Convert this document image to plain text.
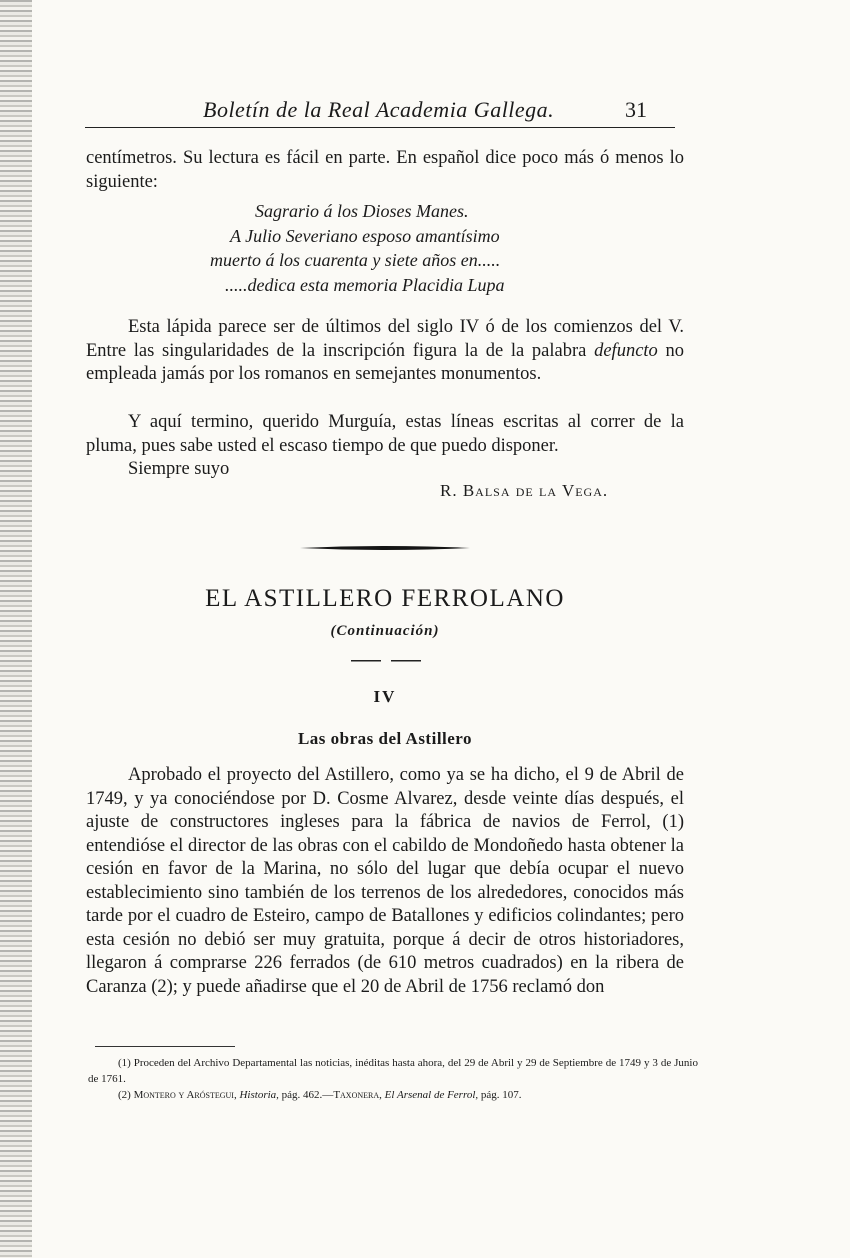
Boletín de la Real Academia Gallega.	31

centímetros. Su lectura es fácil en parte. En español dice poco más ó menos lo siguiente:

Sagrario á los Dioses Manes.
A Julio Severiano esposo amantísimo
muerto á los cuarenta y siete años en.....
.....dedica esta memoria Placidia Lupa

Esta lápida parece ser de últimos del siglo IV ó de los comienzos del V. Entre las singularidades de la inscripción figura la de la palabra defuncto no empleada jamás por los romanos en semejantes monumentos.

Y aquí termino, querido Murguía, estas líneas escritas al correr de la pluma, pues sabe usted el escaso tiempo de que puedo disponer.

Siempre suyo

R. Balsa de la Vega.
EL ASTILLERO FERROLANO
(Continuación)
IV
Las obras del Astillero

Aprobado el proyecto del Astillero, como ya se ha dicho, el 9 de Abril de 1749, y ya conociéndose por D. Cosme Alvarez, desde veinte días después, el ajuste de constructores ingleses para la fábrica de navios de Ferrol, (1) entendióse el director de las obras con el cabildo de Mondoñedo hasta obtener la cesión en favor de la Marina, no sólo del lugar que debía ocupar el nuevo establecimiento sino también de los terrenos de los alrededores, conocidos más tarde por el cuadro de Esteiro, campo de Batallones y edificios colindantes; pero esta cesión no debió ser muy gratuita, porque á decir de otros historiadores, llegaron á comprarse 226 ferrados (de 610 metros cuadrados) en la ribera de Caranza (2); y puede añadirse que el 20 de Abril de 1756 reclamó don

(1) Proceden del Archivo Departamental las noticias, inéditas hasta ahora, del 29 de Abril y 29 de Septiembre de 1749 y 3 de Junio de 1761.

(2) Montero y Aróstegui, Historia, pág. 462.—Taxonera, El Arsenal de Ferrol, pág. 107.
